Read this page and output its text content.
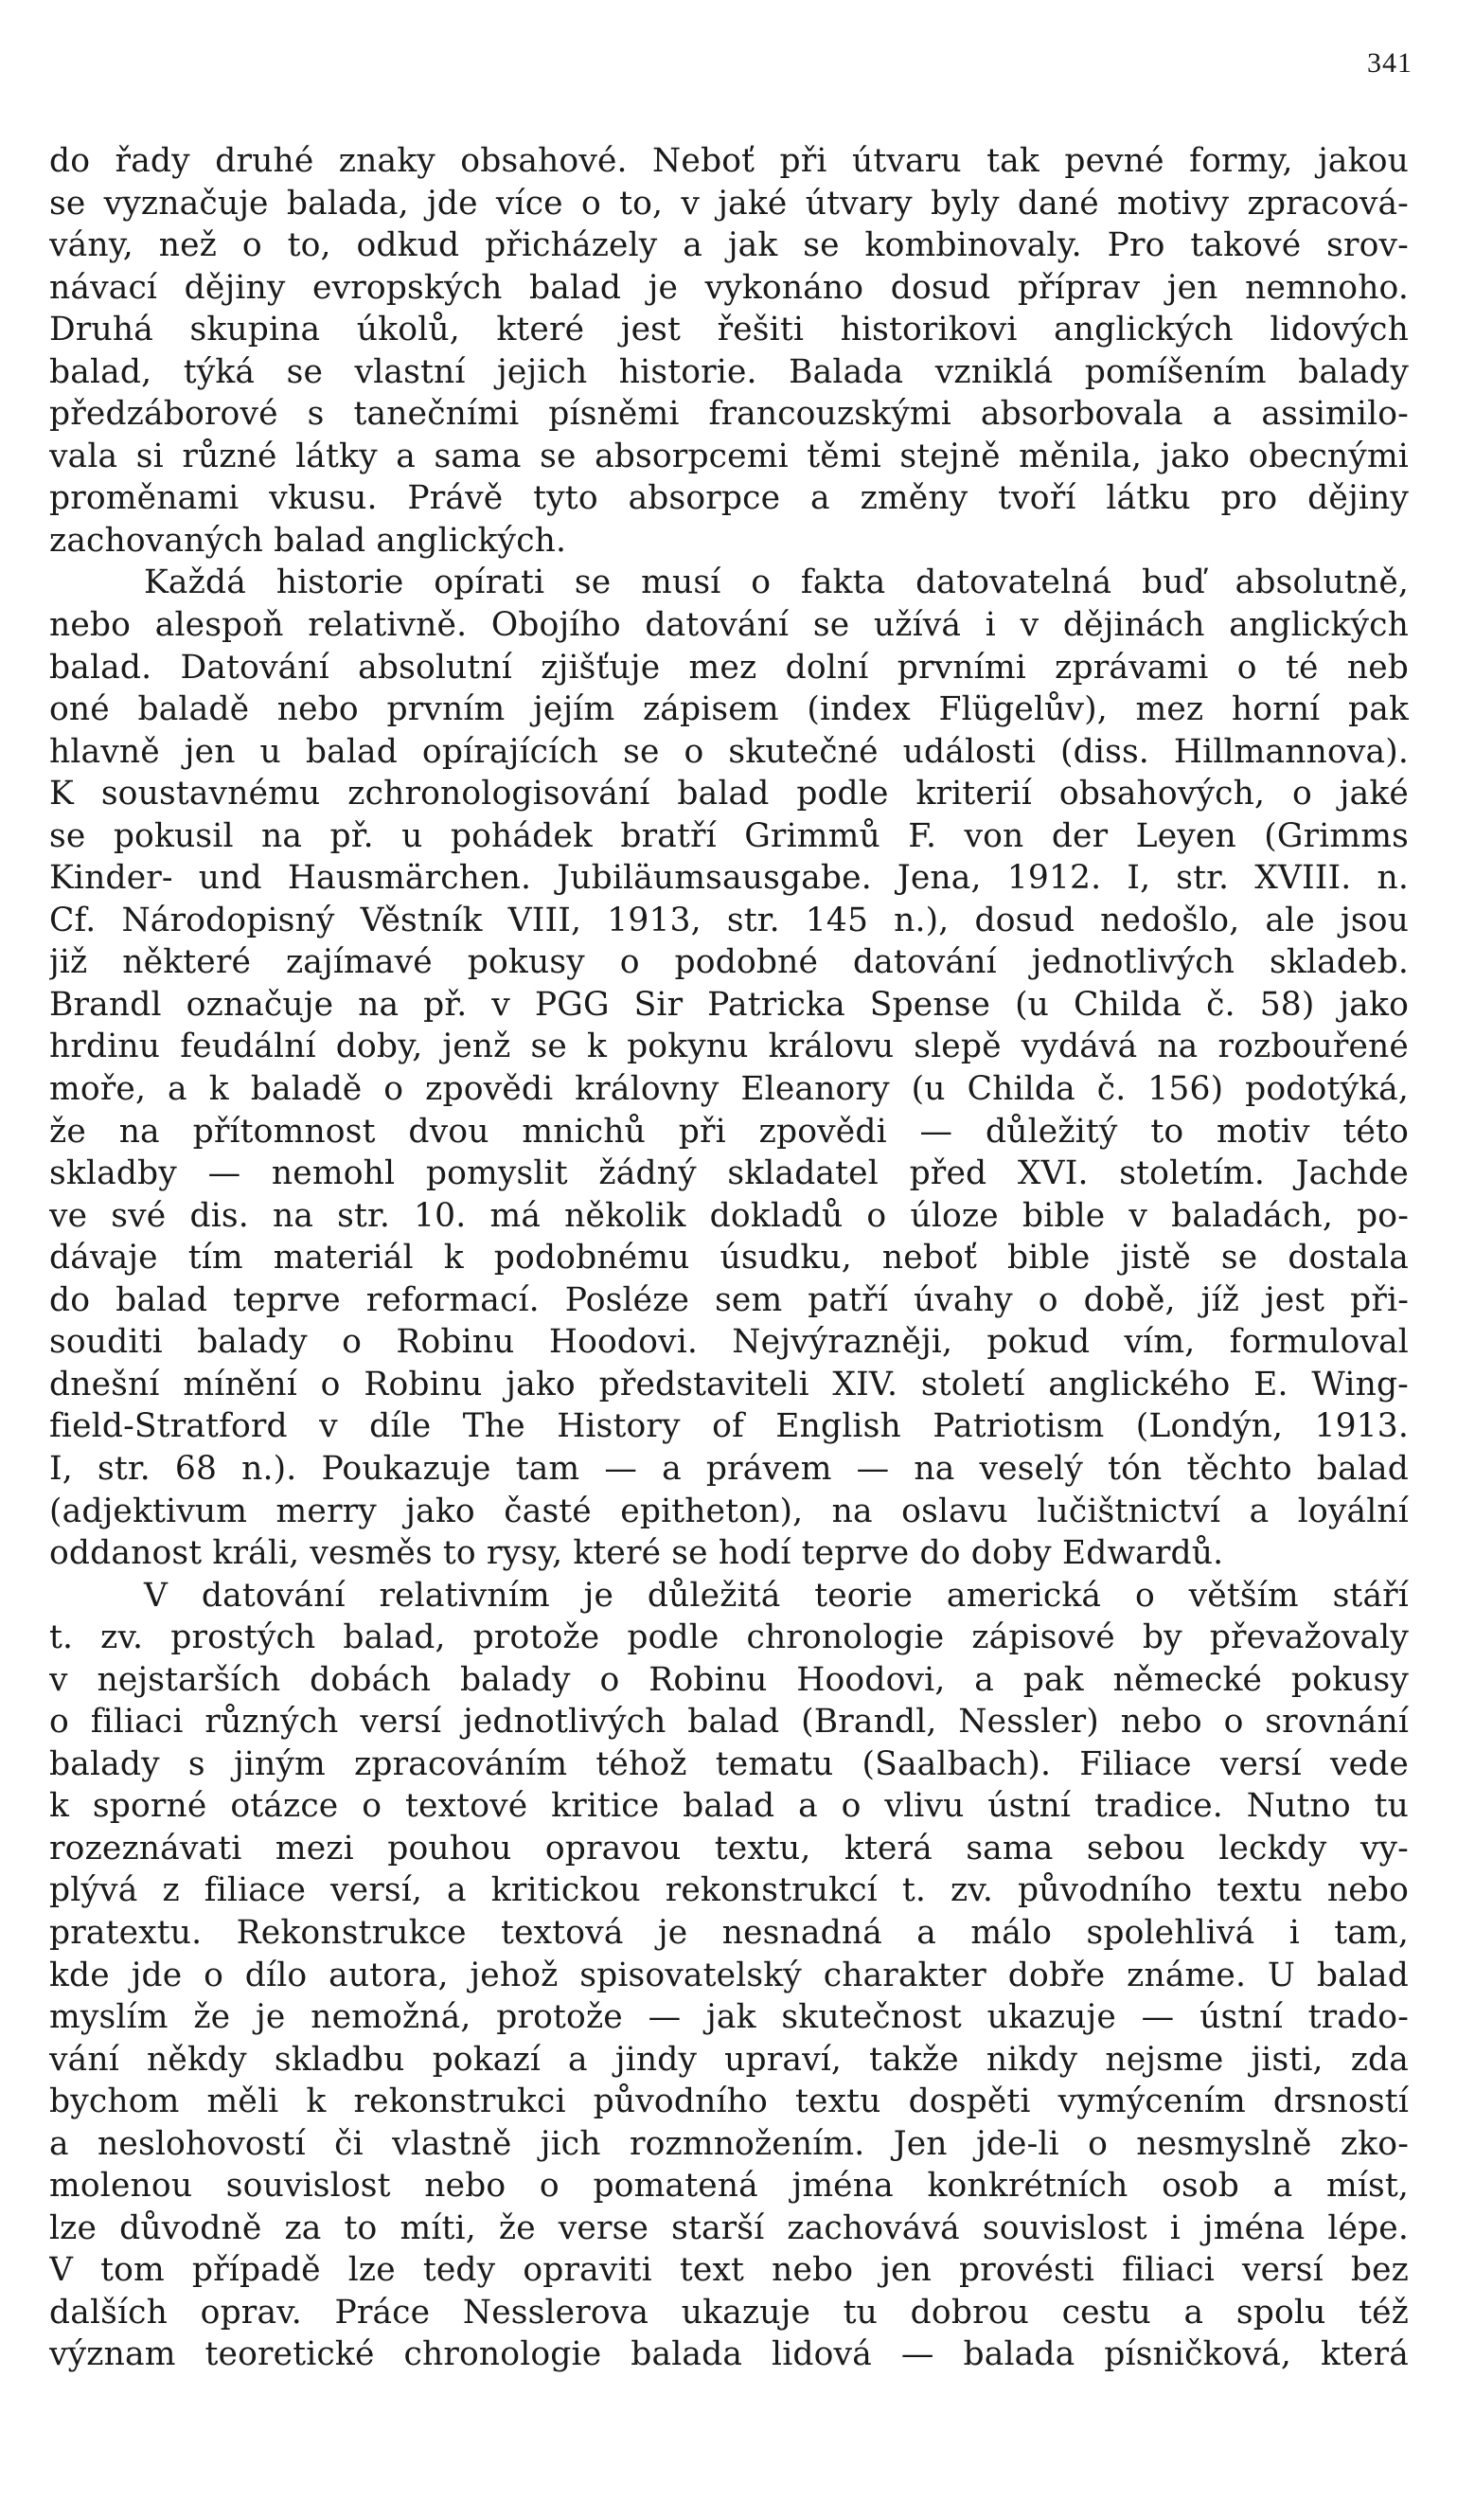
341
do řady druhé znaky obsahové. Neboť při útvaru tak pevné formy, jakou
se vyznačuje balada, jde více o to, v jaké útvary byly dané motivy zpracová-
vány, než o to, odkud přicházely a jak se kombinovaly. Pro takové srov-
návací dějiny evropských balad je vykonáno dosud příprav jen nemnoho.
Druhá skupina úkolů, které jest řešiti historikovi anglických lidových
balad, týká se vlastní jejich historie. Balada vzniklá pomíšením balady
předzáborové s tanečními písněmi francouzskými absorbovala a assimilo-
vala si různé látky a sama se absorpcemi těmi stejně měnila, jako obecnými
proměnami vkusu. Právě tyto absorpce a změny tvoří látku pro dějiny
zachovaných balad anglických.
Každá historie opírati se musí o fakta datovatelná buď absolutně,
nebo alespoň relativně. Obojího datování se užívá i v dějinách anglických
balad. Datování absolutní zjišťuje mez dolní prvními zprávami o té neb
oné baladě nebo prvním jejím zápisem (index Flügelův), mez horní pak
hlavně jen u balad opírajících se o skutečné události (diss. Hillmannova).
K soustavnému zchronologisování balad podle kriterií obsahových, o jaké
se pokusil na př. u pohádek bratří Grimmů F. von der Leyen (Grimms
Kinder- und Hausmärchen. Jubiläumsausgabe. Jena, 1912. I, str. XVIII. n.
Cf. Národopisný Věstník VIII, 1913, str. 145 n.), dosud nedošlo, ale jsou
již některé zajímavé pokusy o podobné datování jednotlivých skladeb.
Brandl označuje na př. v PGG Sir Patricka Spense (u Childa č. 58) jako
hrdinu feudální doby, jenž se k pokynu královu slepě vydává na rozbouřené
moře, a k baladě o zpovědi královny Eleanory (u Childa č. 156) podotýká,
že na přítomnost dvou mnichů při zpovědi — důležitý to motiv této
skladby — nemohl pomyslit žádný skladatel před XVI. stoletím. Jachde
ve své dis. na str. 10. má několik dokladů o úloze bible v baladách, po-
dávaje tím materiál k podobnému úsudku, neboť bible jistě se dostala
do balad teprve reformací. Posléze sem patří úvahy o době, jíž jest při-
souditi balady o Robinu Hoodovi. Nejvýrazněji, pokud vím, formuloval
dnešní mínění o Robinu jako představiteli XIV. století anglického E. Wing-
field-Stratford v díle The History of English Patriotism (Londýn, 1913.
I, str. 68 n.). Poukazuje tam — a právem — na veselý tón těchto balad
(adjektivum merry jako časté epitheton), na oslavu lučištnictví a loyální
oddanost králi, vesměs to rysy, které se hodí teprve do doby Edwardů.
V datování relativním je důležitá teorie americká o větším stáří
t. zv. prostých balad, protože podle chronologie zápisové by převažovaly
v nejstarších dobách balady o Robinu Hoodovi, a pak německé pokusy
o filiaci různých versí jednotlivých balad (Brandl, Nessler) nebo o srovnání
balady s jiným zpracováním téhož tematu (Saalbach). Filiace versí vede
k sporné otázce o textové kritice balad a o vlivu ústní tradice. Nutno tu
rozeznávati mezi pouhou opravou textu, která sama sebou leckdy vy-
plývá z filiace versí, a kritickou rekonstrukcí t. zv. původního textu nebo
pratextu. Rekonstrukce textová je nesnadná a málo spolehlivá i tam,
kde jde o dílo autora, jehož spisovatelský charakter dobře známe. U balad
myslím že je nemožná, protože — jak skutečnost ukazuje — ústní trado-
vání někdy skladbu pokazí a jindy upraví, takže nikdy nejsme jisti, zda
bychom měli k rekonstrukci původního textu dospěti vymýcením drsností
a neslohovostí či vlastně jich rozmnožením. Jen jde-li o nesmyslně zko-
molenou souvislost nebo o pomatená jména konkrétních osob a míst,
lze důvodně za to míti, že verse starší zachovává souvislost i jména lépe.
V tom případě lze tedy opraviti text nebo jen provésti filiaci versí bez
dalších oprav. Práce Nesslerova ukazuje tu dobrou cestu a spolu též
význam teoretické chronologie balada lidová — balada písničková, která
